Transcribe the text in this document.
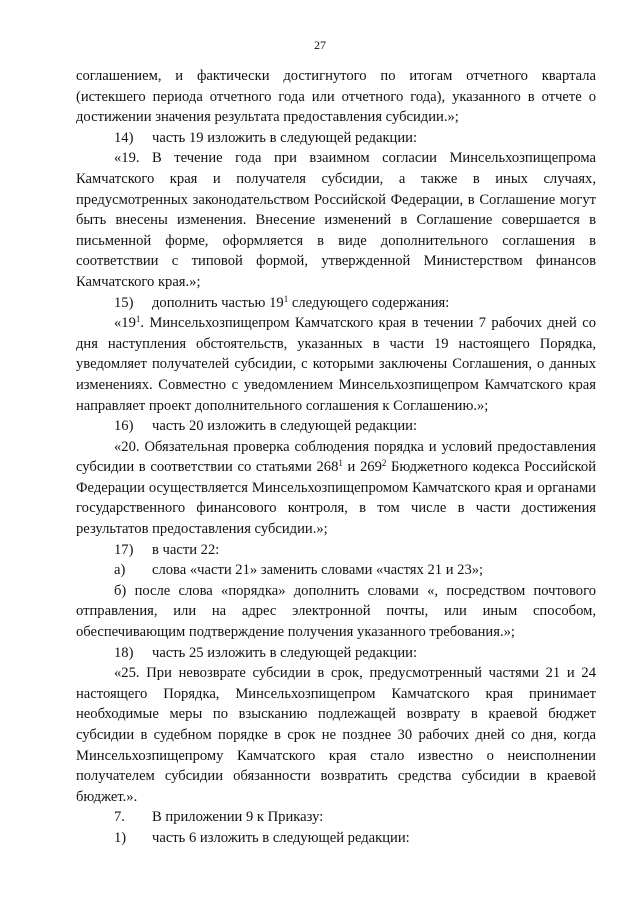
27

соглашением, и фактически достигнутого по итогам отчетного квартала (истекшего периода отчетного года или отчетного года), указанного в отчете о достижении значения результата предоставления субсидии.»;

14)	часть 19 изложить в следующей редакции:

«19. В течение года при взаимном согласии Минсельхозпищепрома Камчатского края и получателя субсидии, а также в иных случаях, предусмотренных законодательством Российской Федерации, в Соглашение могут быть внесены изменения. Внесение изменений в Соглашение совершается в письменной форме, оформляется в виде дополнительного соглашения в соответствии с типовой формой, утвержденной Министерством финансов Камчатского края.»;

15)	дополнить частью $19^1$ следующего содержания:

«$19^1$. Минсельхозпищепром Камчатского края в течении 7 рабочих дней со дня наступления обстоятельств, указанных в части 19 настоящего Порядка, уведомляет получателей субсидии, с которыми заключены Соглашения, о данных изменениях. Совместно с уведомлением Минсельхозпищепром Камчатского края направляет проект дополнительного соглашения к Соглашению.»;

16)	часть 20 изложить в следующей редакции:

«20. Обязательная проверка соблюдения порядка и условий предоставления субсидии в соответствии со статьями $268^1$ и $269^2$ Бюджетного кодекса Российской Федерации осуществляется Минсельхозпищепромом Камчатского края и органами государственного финансового контроля, в том числе в части достижения результатов предоставления субсидии.»;

17)	в части 22:

а)	слова «части 21» заменить словами «частях 21 и 23»;

б) после слова «порядка» дополнить словами «, посредством почтового отправления, или на адрес электронной почты, или иным способом, обеспечивающим подтверждение получения указанного требования.»;

18)	часть 25 изложить в следующей редакции:

«25. При невозврате субсидии в срок, предусмотренный частями 21 и 24 настоящего Порядка, Минсельхозпищепром Камчатского края принимает необходимые меры по взысканию подлежащей возврату в краевой бюджет субсидии в судебном порядке в срок не позднее 30 рабочих дней со дня, когда Минсельхозпищепрому Камчатского края стало известно о неисполнении получателем субсидии обязанности возвратить средства субсидии в краевой бюджет.».

7.	В приложении 9 к Приказу:

1)	часть 6 изложить в следующей редакции:
